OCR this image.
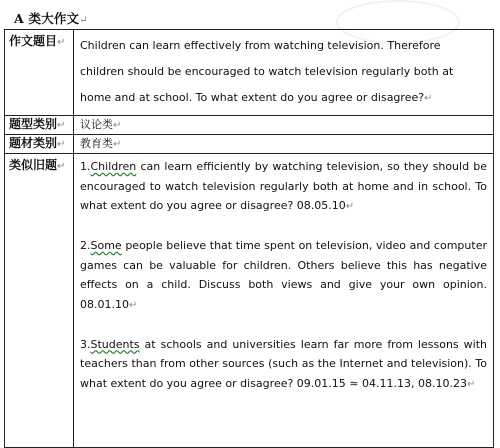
A 类大作文↵
作文题目↵	Children can learn effectively from watching television. Therefore children should be encouraged to watch television regularly both at home and at school. To what extent do you agree or disagree?↵

题型类别↵	议论类↵
题材类别↵	教育类↵
类似旧题↵	1.Children can learn efficiently by watching television, so they should be encouraged to watch television regularly both at home and in school. To what extent do you agree or disagree? 08.05.10↵

2.Some people believe that time spent on television, video and computer games can be valuable for children. Others believe this has negative effects on a child. Discuss both views and give your own opinion. 08.01.10↵

3.Students at schools and universities learn far more from lessons with teachers than from other sources (such as the Internet and television). To what extent do you agree or disagree? 09.01.15 ≈ 04.11.13, 08.10.23↵
